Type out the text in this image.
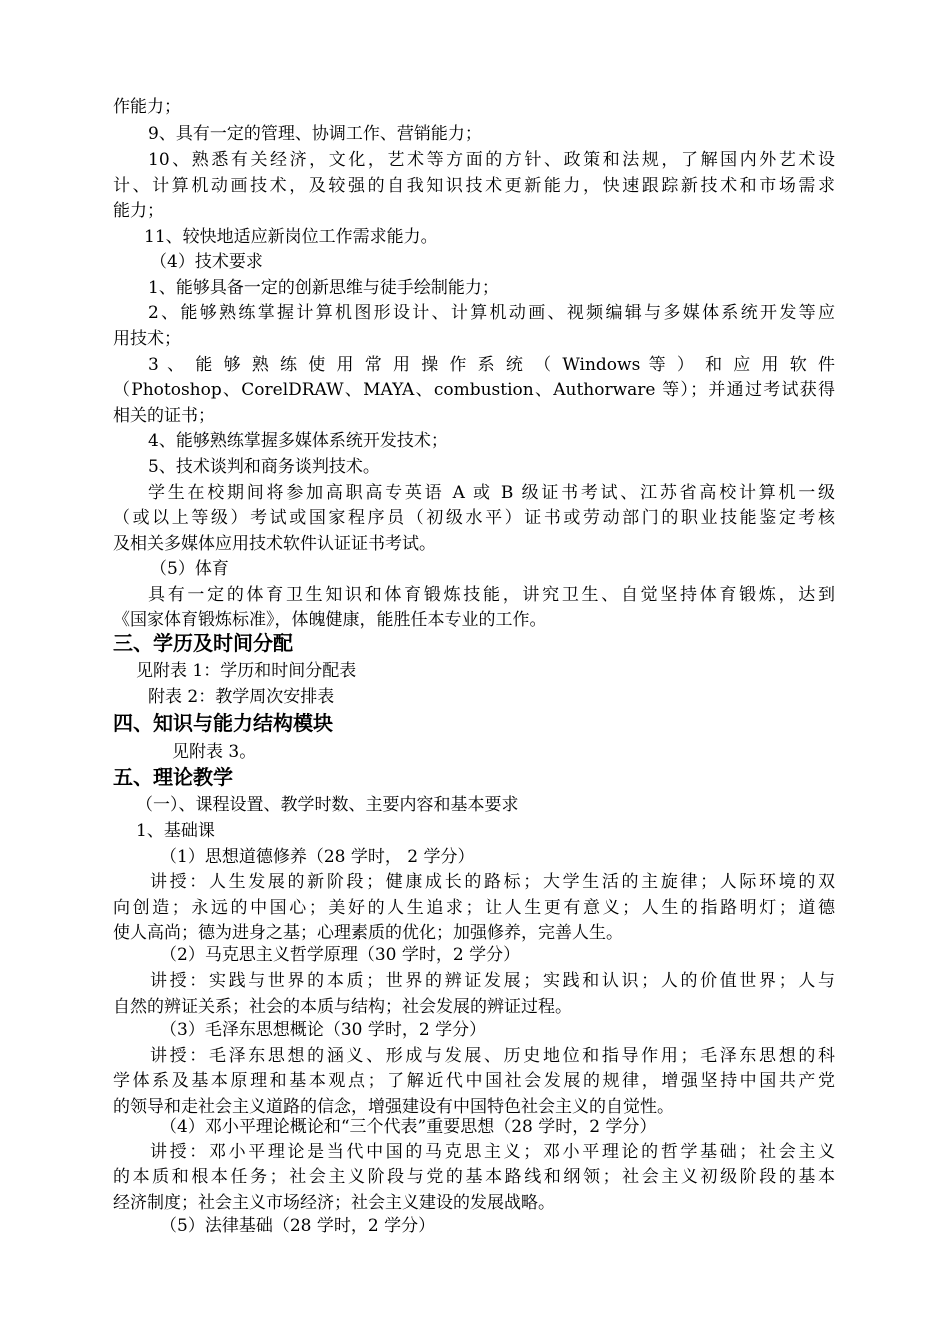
作能力；
9、具有一定的管理、协调工作、营销能力；
10、熟悉有关经济，文化，艺术等方面的方针、政策和法规，了解国内外艺术设
计、计算机动画技术，及较强的自我知识技术更新能力，快速跟踪新技术和市场需求
能力；
11、较快地适应新岗位工作需求能力。
（4）技术要求
1、能够具备一定的创新思维与徒手绘制能力；
2、能够熟练掌握计算机图形设计、计算机动画、视频编辑与多媒体系统开发等应
用技术；
3 、 能 够 熟 练 使 用 常 用 操 作 系 统 （ Windows 等 ） 和 应 用 软 件
（Photoshop、CorelDRAW、MAYA、combustion、Authorware 等）；并通过考试获得
相关的证书；
4、能够熟练掌握多媒体系统开发技术；
5、技术谈判和商务谈判技术。
学生在校期间将参加高职高专英语 A 或 B 级证书考试、江苏省高校计算机一级
（或以上等级）考试或国家程序员（初级水平）证书或劳动部门的职业技能鉴定考核
及相关多媒体应用技术软件认证证书考试。
（5）体育
具有一定的体育卫生知识和体育锻炼技能，讲究卫生、自觉坚持体育锻炼，达到
《国家体育锻炼标准》，体魄健康，能胜任本专业的工作。
三、学历及时间分配
见附表 1：学历和时间分配表
附表 2：教学周次安排表
四、知识与能力结构模块
见附表 3。
五、理论教学
（一）、课程设置、教学时数、主要内容和基本要求
1、基础课
（1）思想道德修养（28 学时， 2 学分）
讲授：人生发展的新阶段；健康成长的路标；大学生活的主旋律；人际环境的双
向创造；永远的中国心；美好的人生追求；让人生更有意义；人生的指路明灯；道德
使人高尚；德为进身之基；心理素质的优化；加强修养，完善人生。
（2）马克思主义哲学原理（30 学时，2 学分）
讲授：实践与世界的本质；世界的辨证发展；实践和认识；人的价值世界；人与
自然的辨证关系；社会的本质与结构；社会发展的辨证过程。
（3）毛泽东思想概论（30 学时，2 学分）
讲授：毛泽东思想的涵义、形成与发展、历史地位和指导作用；毛泽东思想的科
学体系及基本原理和基本观点；了解近代中国社会发展的规律，增强坚持中国共产党
的领导和走社会主义道路的信念，增强建设有中国特色社会主义的自觉性。
（4）邓小平理论概论和“三个代表”重要思想（28 学时，2 学分）
讲授：邓小平理论是当代中国的马克思主义；邓小平理论的哲学基础；社会主义
的本质和根本任务；社会主义阶段与党的基本路线和纲领；社会主义初级阶段的基本
经济制度；社会主义市场经济；社会主义建设的发展战略。
（5）法律基础（28 学时，2 学分）
